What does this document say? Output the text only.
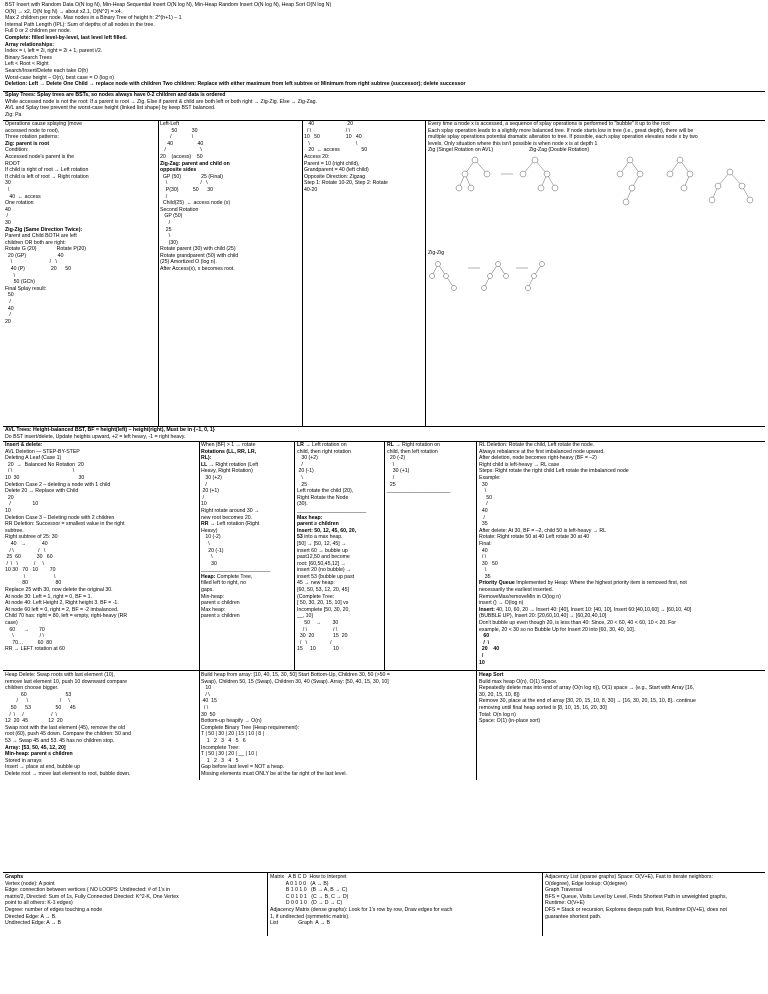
BST Insert with Random Data O(N log N), Min-Heap Sequential Insert O(N log N), Min-Heap Random Insert O(N log N), Heap Sort O(N log N)
O(N) → x2, O(N log N) → about x2.1, O(N^2) = x4.
Max 2 children per node. Max nodes in a Binary Tree of height h: 2^(h+1) – 1
Internal Path Length (IPL): Sum of depths of all nodes in the tree.
Full 0 or 2 children per node.
Complete: filled level-by-level, last level left filled.
Array relationships:
Index = i, left = 2i, right = 2i + 1, parent i/2.
Binary Search Trees
Left < Root < Right
Search/Insert/Delete each take O(h)
Worst-case height – O(n), best case = O (log n)
Deletion: Left → Delete One Child → replace node with children Two children: Replace with either maximum from left subtree or Minimum from right subtree (successor); delete successor
Splay Trees: Splay trees are BSTs, so nodes always have 0-2 children and data is ordered
While accessed node is not the root: If a parent is root → Zig. Else if parent & child are both left or both right → Zig-Zig. Else → Zig-Zag.
AVL and Splay tree prevent the worst-case height (linked list shape) by keep BST balanced.
Zig: Pa
Operations cause splaying (move
accessed node to root),
Three rotation patterns:
Zig: parent is root
Condition:
Accessed node's parent is the
ROOT
If child is right of root → Left rotation
If child is left of root → Right rotation
30
\
40  ← access
One rotation
40
/
30
Zig-Zig (Same Direction Twice):
Parent and Child BOTH are left
children OR both are right:
Rotate G (20)              Rotate P(20)
20 (GP)                      40
\                          /   \
40 (P)                  20      50
\
50 (GCh)
Final Splay result:
50
/
40
/
20
Left-Left
50          30
/              \
40                 40
/                        \
20    (access)    50
Zig-Zag: parent and child on
opposite sides
GP (50)              25 (Final)
\                       /   \
P(30)          50      30
/
Child(25)  ← access node (x)
Second Rotation
GP (50)
/
25
\
(30)
Rotate parent (30) with child (25)
Rotate grandparent (50) with child
(25) Amortized O (log n).
After Access(x), x becomes root.
40                       20
/ \                        / \
10   50                  10   40
\                                \
20  ← access               50
Access 20:
Parent = 10 (right child),
Grandparent = 40 (left child)
Opposite Direction: Zigzag
Step 1: Rotate 10-20, Step 2: Rotate
40-20
Every time a node x is accessed, a sequence of splay operations is performed to "bubble" it up to the root
Each splay operation leads to a slightly more balanced tree. If node starts low in tree (i.e., great depth), there will be
multiple splay operations potential dramatic alteration to tree. If possible, each splay operation elevates node x by two
levels. Only situation where this isn't possible is when node x is at depth 1
Zig (Singel Rotation on AVL)                         Zig-Zag (Double Rotation)
Zig-Zig
AVL Trees: Height-balanced BST, BF = height(left) – height(right), Must be in {–1, 0, 1}
Do BST insert/delete, Update heights upward, +2 = left heavy, -1 = right heavy.
Insert & delete:
AVL Deletion — STEP-BY-STEP
Deleting A Leaf (Case 1)
20  →  Balanced No Rotation  20
/ \                                          \
10  30                                         30
Deletion Case 2 – deleting a node with 1 child
Delete 20 → Replace with Child
20
/               10
10
Deletion Case 3 – Deleting node with 2 children
RR Deletion: Successor = smallest value in the right
subtree.
Right subtree of 25: 30
40   →           40
/ \                 /   \
25  60           30   60
/  \   \           /     \
10 30   70   10        70
\                    \
80                   80
Replace 25 with 30, now delete the original 30.
At node 30: Left = 1, right = 0, BF = 1.
At node 40: Left Height 2, Right height 3. BF = -1.
At node 60 left = 0, right = 2, BF = -2 imbalanced.
Child 70 has: right = 80, left = empty, right-heavy (RR
case)
60      →       70
\                  / \
70…          60  80
RR → LEFT rotation at 60
When |BF| > 1 → rotate
Rotations (LL, RR, LR,
RL):
LL → Right rotation (Left
Heavy, Right Rotation)
30 (+2)
/
20 (+1)
/
10
Right rotate around 30 →
new root becomes 20.
RR → Left rotation (Right
Heavy)
10 (-2)
\
20 (-1)
\
30
________________________
Heap: Complete Tree,
filled left to right, no
gaps.
Min-heap:
parent ≤ children
Max heap:
parent ≥ children
LR → Left rotation on
child, then right rotation
30 (+2)
/
20 (-1)
\
25
Left rotate the child (20),
Right Rotate the Node
(30).
________________________
Max heap:
parent ≥ children
Insert: 50, 12, 45, 60, 20,
53 into a max heap.
[50] → [50, 12, 45] →
insert 60 → bubble up
past12,50 and become
root: [60,50,45,12] →
insert 20 (no bubble) →
insert 53 (bubble up past
45 → new heap:
[60, 50, 53, 12, 20, 45]
(Complete Tree:
[ 50, 30, 20, 15, 10] vs
Incomplete [50, 30, 20,
__, 10]
50    →        30
/ \                  / \
30  20             15  20
/   \                /
15     10            10
RL → Right rotation on
child, then left rotation
20 (-2)
\
30 (+1)
/
25
______________________
RL Deletion: Rotate the child, Left rotate the node.
Always rebalance at the first imbalanced node upward.
After deletion, node becomes right-heavy (BF = –2)
Right child is left-heavy → RL case
Steps: Right rotate the right child Left rotate the imbalanced node
Example:
30
\
50
/
40
/
35
After delete: At 30, BF = –2, child 50 is left-heavy → RL
Rotate: Right rotate 50 at 40 Left rotate 30 at 40
Final:
40
/ \
30   50
\
35
Priority Queue Implemented by Heap: Where the highest priority item is removed first, not
necessarily the earliest inserted.
RemoveMax/removeMin in O(log n)
insert () → O(log n)
Insert: 40, 10, 60, 20 → Insert 40: [40], Insert 10: [40, 10], Insert 60:[40,10,60] → [60,10, 40]
(BUBBLE UP), Insert 20: [20,60,10,40] → [60,20,40,10]
Don't bubble up even though 20, is less than 40: Since, 20 < 60, 40 < 60, 10 < 20. For
example, 20 < 30 so no Bubble Up for Insert 20 into [60, 30, 40, 10].
60
/  \
20    40
/
10
Heap Delete: Swap roots with last element (10),
remove last element 10, push 10 downward compare
children choose bigger.
60                           53
/      \                      /     \
50      53                 50      45
/  \     /                   /  \
12  20  45              12  20
Swap root with the last element (45), remove the old
root (60), push 45 down. Compare the children: 50 and
53 → Swap 45 and 53. 45 has no children stop.
Array: [53, 50, 45, 12, 20]
Min-heap: parent ≤ children
Stored in arrays
Insert → place at end, bubble up
Delete root → move last element to root, bubble down.
Build heap from array: [10, 40, 15, 30, 50] Start Bottom-Up, Children 30, 50 (>50 =
Swap), Children 50, 15 (Swap), Children 30, 40 (Swap). Array: [50, 40, 15, 30, 10]
10
/ \
40  15
/ \
30  50
Bottom-up heapify → O(n)
Complete Binary Tree (Heap requirement):
T | 50 | 30 | 20 | 15 | 10 | 8 |
1   2   3   4   5   6
Incomplete Tree:
T | 50 | 30 | 20 | __ | 10 |
1   2   3   4   5
Gap before last level = NOT a heap.
Missing elements must ONLY be at the far right of the last level.
Heap Sort
Build max heap O(n), O(1) Space.
Repeatedly delete max into end of array (O(n log n)), O(1) space → (e.g., Start with Array [16,
30, 20, 15, 10, 8])
Remove 30, place at the end of array [30, 20, 15, 10, 8, 30] → [16, 30, 20, 15, 10, 8].. continue
removing until final heap sorted is [8, 10, 15, 16, 20, 30]
Total: O(n log n)
Space: O(1) (in-place sort)
Graphs
Vertex (node): A point
Edge: connection between vertices ( NO LOOPS: Undirected: # of 1's in
matrix/2, Directed: Sum of 1s, Fully Connected Directed: K^2-K, One Vertex
point to all others: K-1 edges)
Degree: number of edges touching a node
Directed Edge: A → B.
Undirected Edge: A → B
Matrix   A B C D  How to Interpret
A 0 1 0 0   (A → B)
B 1 0 1 0   (B → A, B → C)
C 0 1 0 1   (C → B, C → D)
D 0 0 1 0   (D → D → C)
Adjacency Matrix (dense graphs): Look for 1's row by row, Draw edges for each
1, if undirected (symmetric matrix).
List              Graph  A → B
Adjacency List (sparse graphs) Space: O(V+E), Fast to iterate neighbors:
O(degree), Edge lookup: O(degree)
Graph Traversal
BFS = Queue, Visits Level by Level, Finds Shortest Path in unweighted graphs,
Runtime: O(V+E)
DFS = Stack or recursion, Explores deeps path first, Runtime:O(V+E), does not
guarantee shortest path.
